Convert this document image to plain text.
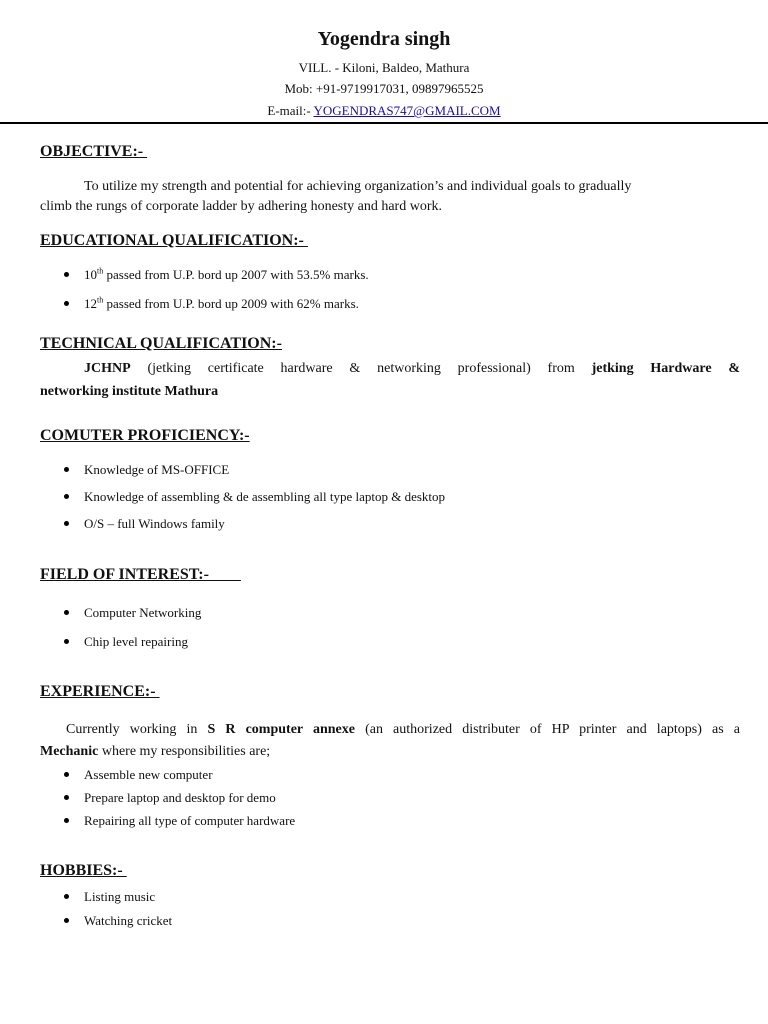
Yogendra singh
VILL. - Kiloni, Baldeo, Mathura
Mob: +91-9719917031, 09897965525
E-mail:- YOGENDRAS747@GMAIL.COM
OBJECTIVE:-
To utilize my strength and potential for achieving organization’s and individual goals to gradually
climb the rungs of corporate ladder by adhering honesty and hard work.
EDUCATIONAL QUALIFICATION:-
10th passed from U.P. bord up 2007 with 53.5% marks.
12th passed from U.P. bord up 2009 with 62% marks.
TECHNICAL QUALIFICATION:-
JCHNP (jetking certificate hardware & networking professional) from jetking Hardware &
networking institute Mathura
COMUTER PROFICIENCY:-
Knowledge of MS-OFFICE
Knowledge of assembling & de assembling all type laptop & desktop
O/S – full Windows family
FIELD OF INTEREST:-
Computer Networking
Chip level repairing
EXPERIENCE:-
Currently working in S R computer annexe (an authorized distributer of HP printer and laptops) as a
Mechanic where my responsibilities are;
Assemble new computer
Prepare laptop and desktop for demo
Repairing all type of computer hardware
HOBBIES:-
Listing music
Watching cricket
